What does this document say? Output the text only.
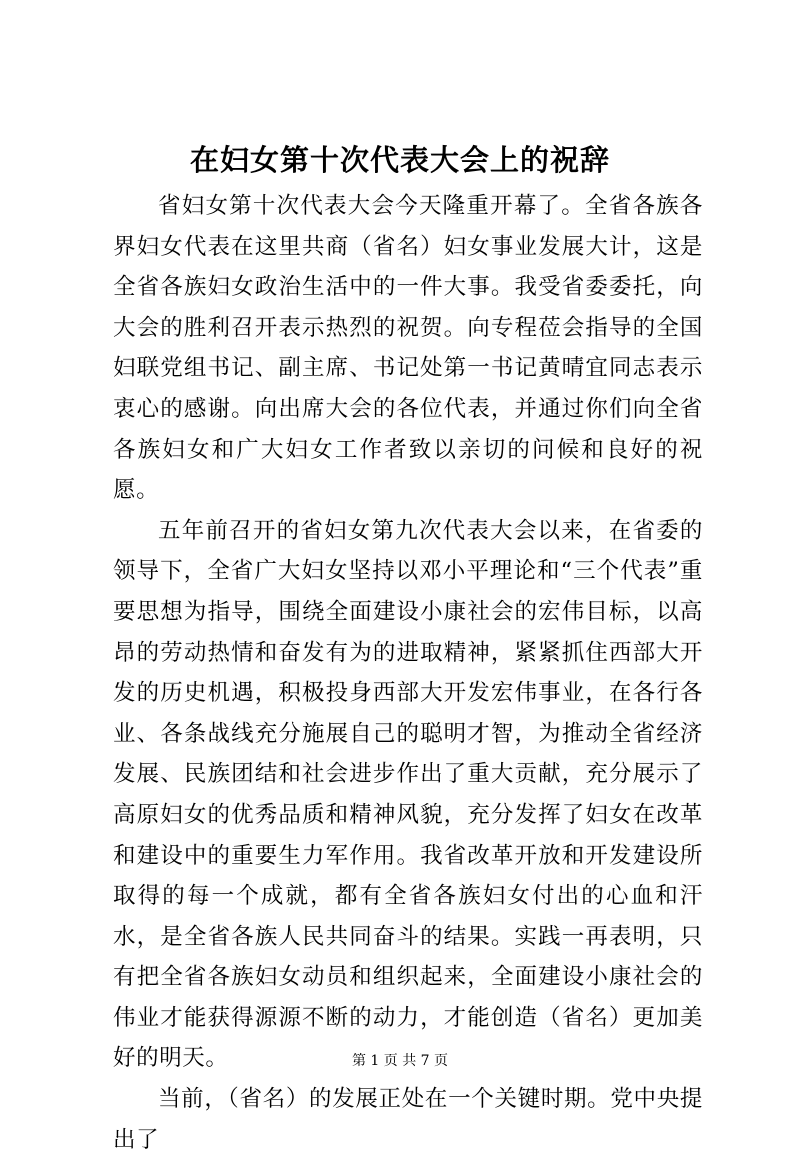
在妇女第十次代表大会上的祝辞

省妇女第十次代表大会今天隆重开幕了。全省各族各界妇女代表在这里共商（省名）妇女事业发展大计，这是全省各族妇女政治生活中的一件大事。我受省委委托，向大会的胜利召开表示热烈的祝贺。向专程莅会指导的全国妇联党组书记、副主席、书记处第一书记黄晴宜同志表示衷心的感谢。向出席大会的各位代表，并通过你们向全省各族妇女和广大妇女工作者致以亲切的问候和良好的祝愿。

五年前召开的省妇女第九次代表大会以来，在省委的领导下，全省广大妇女坚持以邓小平理论和“三个代表”重要思想为指导，围绕全面建设小康社会的宏伟目标，以高昂的劳动热情和奋发有为的进取精神，紧紧抓住西部大开发的历史机遇，积极投身西部大开发宏伟事业，在各行各业、各条战线充分施展自己的聪明才智，为推动全省经济发展、民族团结和社会进步作出了重大贡献，充分展示了高原妇女的优秀品质和精神风貌，充分发挥了妇女在改革和建设中的重要生力军作用。我省改革开放和开发建设所取得的每一个成就，都有全省各族妇女付出的心血和汗水，是全省各族人民共同奋斗的结果。实践一再表明，只有把全省各族妇女动员和组织起来，全面建设小康社会的伟业才能获得源源不断的动力，才能创造（省名）更加美好的明天。

当前，（省名）的发展正处在一个关键时期。党中央提出了

第 1 页 共 7 页
